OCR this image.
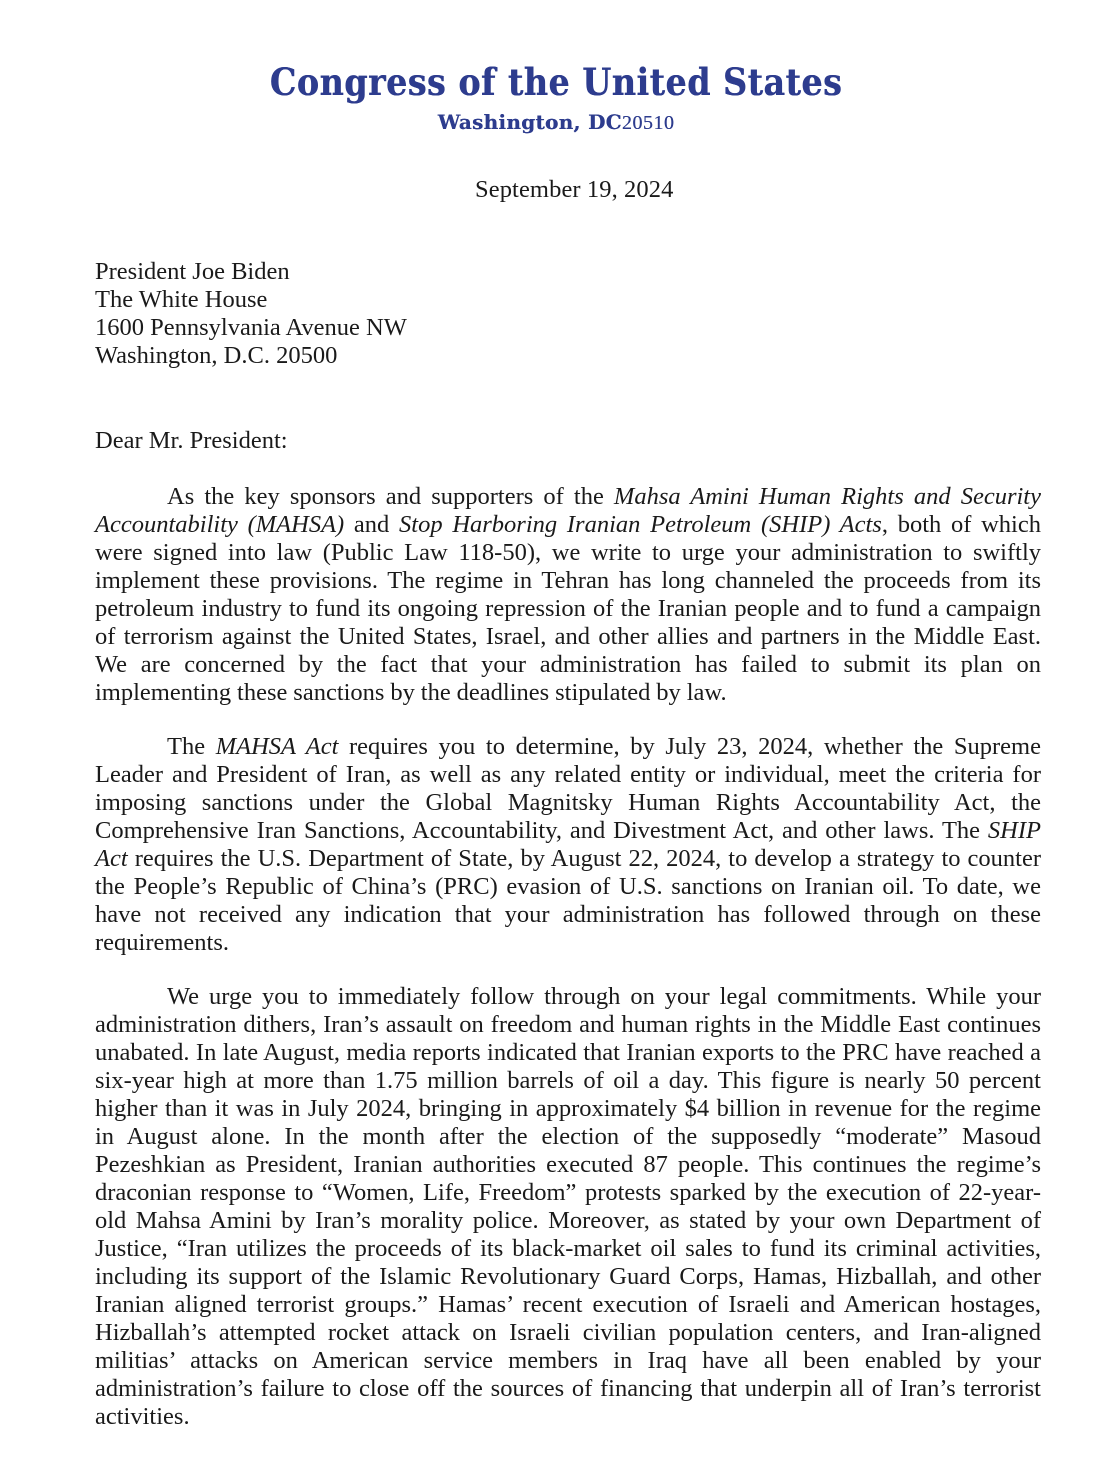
Congress of the United States
Washington, DC20510
September 19, 2024
President Joe Biden
The White House
1600 Pennsylvania Avenue NW
Washington, D.C. 20500
Dear Mr. President:

As the key sponsors and supporters of the Mahsa Amini Human Rights and Security Accountability (MAHSA) and Stop Harboring Iranian Petroleum (SHIP) Acts, both of which were signed into law (Public Law 118-50), we write to urge your administration to swiftly implement these provisions. The regime in Tehran has long channeled the proceeds from its petroleum industry to fund its ongoing repression of the Iranian people and to fund a campaign of terrorism against the United States, Israel, and other allies and partners in the Middle East. We are concerned by the fact that your administration has failed to submit its plan on implementing these sanctions by the deadlines stipulated by law.

The MAHSA Act requires you to determine, by July 23, 2024, whether the Supreme Leader and President of Iran, as well as any related entity or individual, meet the criteria for imposing sanctions under the Global Magnitsky Human Rights Accountability Act, the Comprehensive Iran Sanctions, Accountability, and Divestment Act, and other laws. The SHIP Act requires the U.S. Department of State, by August 22, 2024, to develop a strategy to counter the People’s Republic of China’s (PRC) evasion of U.S. sanctions on Iranian oil. To date, we have not received any indication that your administration has followed through on these requirements.

We urge you to immediately follow through on your legal commitments. While your administration dithers, Iran’s assault on freedom and human rights in the Middle East continues unabated. In late August, media reports indicated that Iranian exports to the PRC have reached a six-year high at more than 1.75 million barrels of oil a day. This figure is nearly 50 percent higher than it was in July 2024, bringing in approximately $4 billion in revenue for the regime in August alone. In the month after the election of the supposedly “moderate” Masoud Pezeshkian as President, Iranian authorities executed 87 people. This continues the regime’s draconian response to “Women, Life, Freedom” protests sparked by the execution of 22-year-old Mahsa Amini by Iran’s morality police. Moreover, as stated by your own Department of Justice, “Iran utilizes the proceeds of its black-market oil sales to fund its criminal activities, including its support of the Islamic Revolutionary Guard Corps, Hamas, Hizballah, and other Iranian aligned terrorist groups.” Hamas’ recent execution of Israeli and American hostages, Hizballah’s attempted rocket attack on Israeli civilian population centers, and Iran-aligned militias’ attacks on American service members in Iraq have all been enabled by your administration’s failure to close off the sources of financing that underpin all of Iran’s terrorist activities.
